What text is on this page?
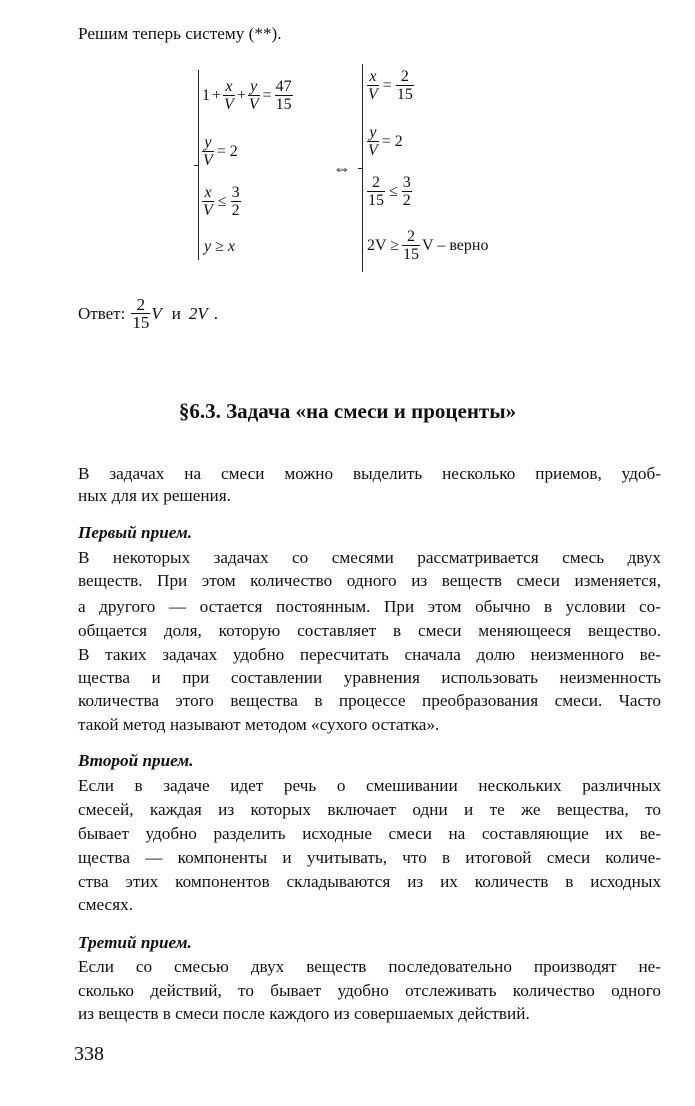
Решим теперь систему (**).
$1 + \frac{x}{V} + \frac{y}{V} = \frac{47}{15}$
$\frac{y}{V} = 2$
$\frac{x}{V} \le \frac{3}{2}$
y ≥ x
⇔
$\frac{x}{V} = \frac{2}{15}$
$\frac{y}{V} = 2$
$\frac{2}{15} \le \frac{3}{2}$
$2V \ge \frac{2}{15}$ V – верно
Ответ: $\frac{2}{15}$ V и 2V .
§6.3. Задача «на смеси и проценты»
В задачах на смеси можно выделить несколько приемов, удоб-
ных для их решения.
Первый прием.
В некоторых задачах со смесями рассматривается смесь двух
веществ. При этом количество одного из веществ смеси изменяется,
а другого — остается постоянным. При этом обычно в условии со-
общается доля, которую составляет в смеси меняющееся вещество.
В таких задачах удобно пересчитать сначала долю неизменного ве-
щества и при составлении уравнения использовать неизменность
количества этого вещества в процессе преобразования смеси. Часто
такой метод называют методом «сухого остатка».
Второй прием.
Если в задаче идет речь о смешивании нескольких различных
смесей, каждая из которых включает одни и те же вещества, то
бывает удобно разделить исходные смеси на составляющие их ве-
щества — компоненты и учитывать, что в итоговой смеси количе-
ства этих компонентов складываются из их количеств в исходных
смесях.
Третий прием.
Если со смесью двух веществ последовательно производят не-
сколько действий, то бывает удобно отслеживать количество одного
из веществ в смеси после каждого из совершаемых действий.
338
